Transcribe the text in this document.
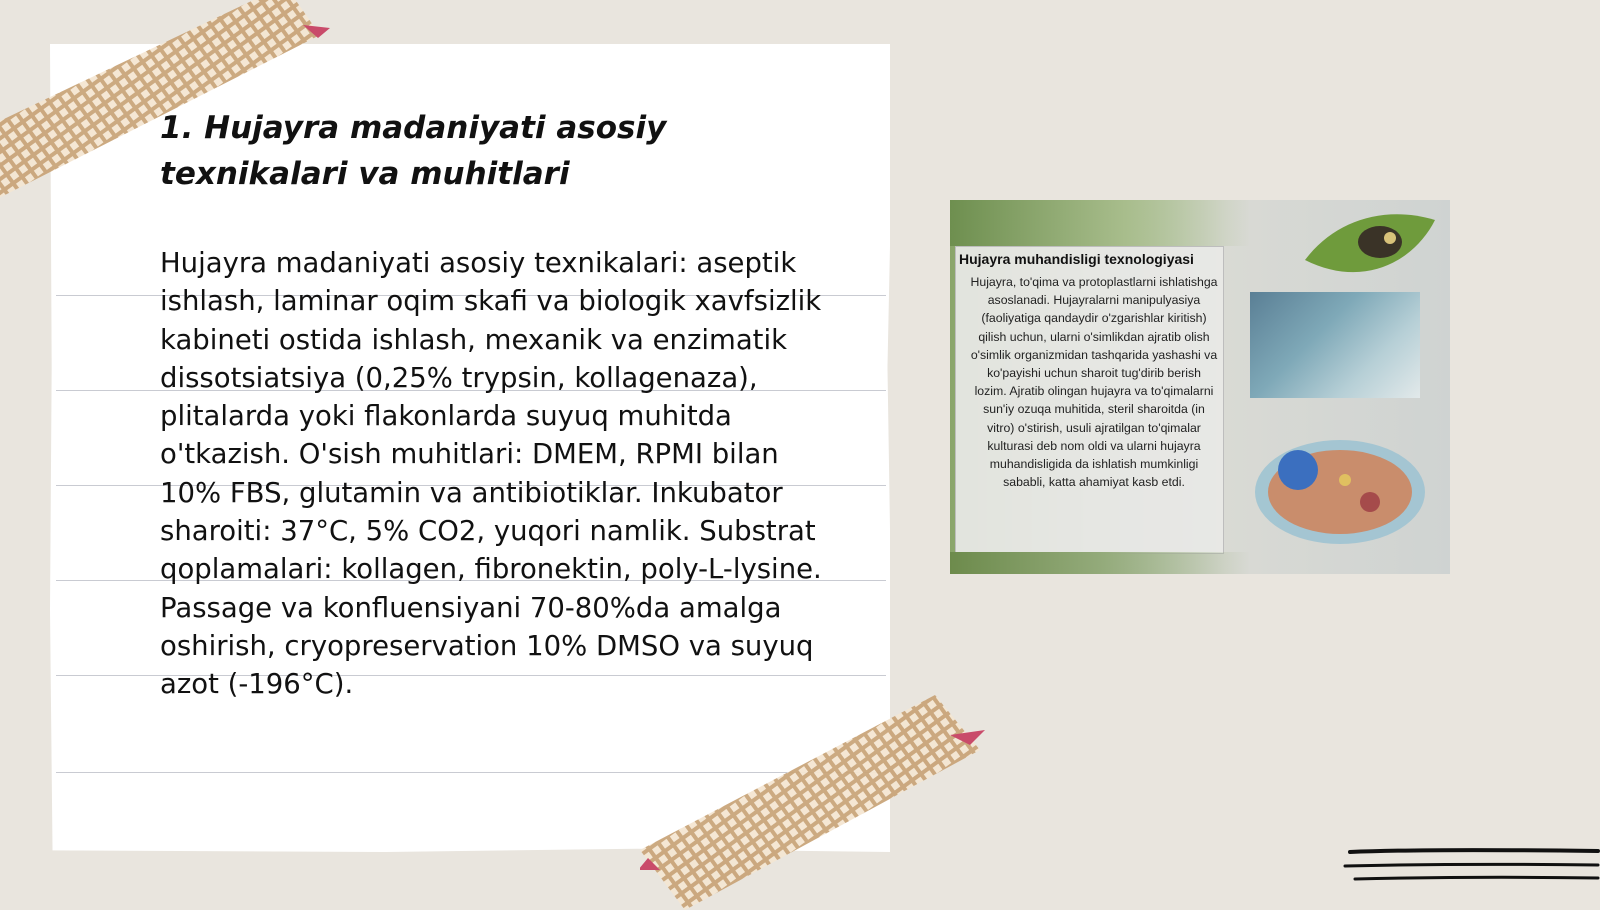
1. Hujayra madaniyati asosiy texnikalari va muhitlari

Hujayra madaniyati asosiy texnikalari: aseptik ishlash, laminar oqim skafi va biologik xavfsizlik kabineti ostida ishlash, mexanik va enzimatik dissotsiatsiya (0,25% trypsin, kollagenaza), plitalarda yoki flakonlarda suyuq muhitda o'tkazish. O'sish muhitlari: DMEM, RPMI bilan 10% FBS, glutamin va antibiotiklar. Inkubator sharoiti: 37°C, 5% CO2, yuqori namlik. Substrat qoplamalari: kollagen, fibronektin, poly-L-lysine. Passage va konfluensiyani 70-80%da amalga oshirish, cryopreservation 10% DMSO va suyuq azot (-196°C).

Hujayra muhandisligi texnologiyasi

Hujayra, to'qima va protoplastlarni ishlatishga asoslanadi. Hujayralarni manipulyasiya (faoliyatiga qandaydir o'zgarishlar kiritish) qilish uchun, ularni o'simlikdan ajratib olish o'simlik organizmidan tashqarida yashashi va ko'payishi uchun sharoit tug'dirib berish lozim. Ajratib olingan hujayra va to'qimalarni sun'iy ozuqa muhitida, steril sharoitda (in vitro) o'stirish, usuli ajratilgan to'qimalar kulturasi deb nom oldi va ularni hujayra muhandisligida da ishlatish mumkinligi sababli, katta ahamiyat kasb etdi.
